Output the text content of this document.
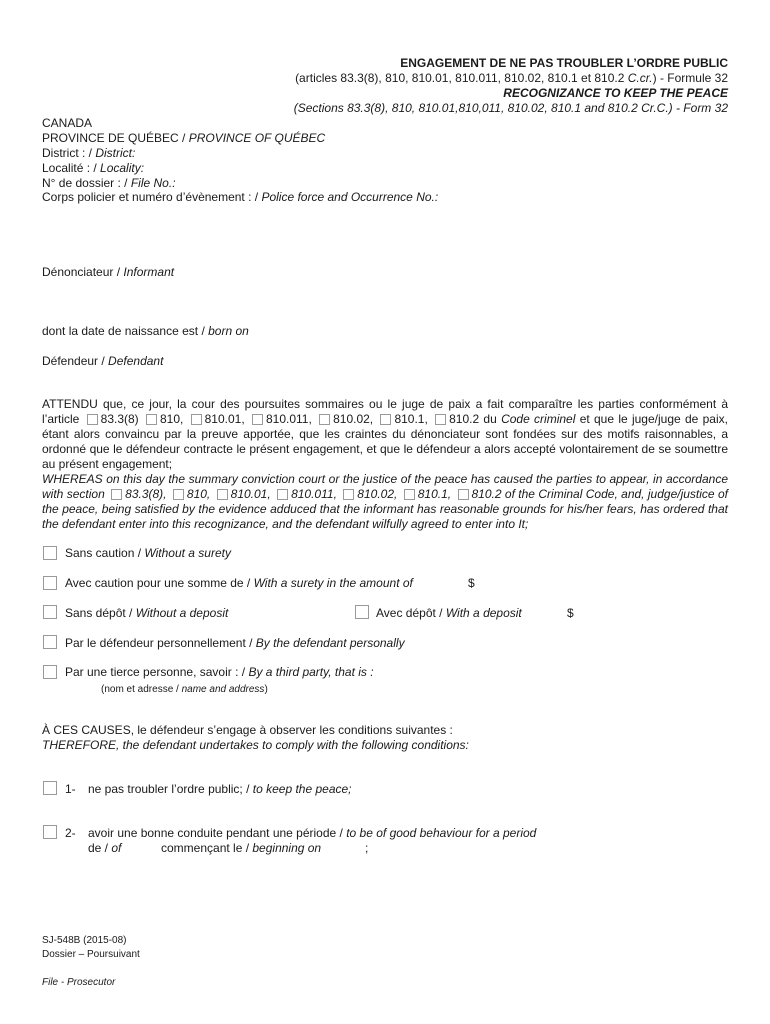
ENGAGEMENT DE NE PAS TROUBLER L’ORDRE PUBLIC
(articles 83.3(8), 810, 810.01, 810.011, 810.02, 810.1 et 810.2 C.cr.) - Formule 32
RECOGNIZANCE TO KEEP THE PEACE
(Sections 83.3(8), 810, 810.01,810,011, 810.02, 810.1 and 810.2 Cr.C.) - Form 32
CANADA
PROVINCE DE QUÉBEC / PROVINCE OF QUÉBEC
District : / District:
Localité : / Locality:
N° de dossier : / File No.:
Corps policier et numéro d’évènement : / Police force and Occurrence No.:
Dénonciateur / Informant
dont la date de naissance est / born on
Défendeur / Defendant
ATTENDU que, ce jour, la cour des poursuites sommaires ou le juge de paix a fait comparaître les parties conformément à l’article 83.3(8) 810, 810.01, 810.011, 810.02, 810.1, 810.2 du Code criminel et que le juge/juge de paix, étant alors convaincu par la preuve apportée, que les craintes du dénonciateur sont fondées sur des motifs raisonnables, a ordonné que le défendeur contracte le présent engagement, et que le défendeur a alors accepté volontairement de se soumettre au présent engagement;
WHEREAS on this day the summary conviction court or the justice of the peace has caused the parties to appear, in accordance with section 83.3(8), 810, 810.01, 810.011, 810.02, 810.1, 810.2 of the Criminal Code, and, judge/justice of the peace, being satisfied by the evidence adduced that the informant has reasonable grounds for his/her fears, has ordered that the defendant enter into this recognizance, and the defendant wilfully agreed to enter into It;
Sans caution / Without a surety
Avec caution pour une somme de / With a surety in the amount of	$
Sans dépôt / Without a deposit	Avec dépôt / With a deposit	$
Par le défendeur personnellement / By the defendant personally
Par une tierce personne, savoir : / By a third party, that is :
(nom et adresse / name and address)
À CES CAUSES, le défendeur s’engage à observer les conditions suivantes :
THEREFORE, the defendant undertakes to comply with the following conditions:
1- ne pas troubler l’ordre public; / to keep the peace;
2- avoir une bonne conduite pendant une période / to be of good behaviour for a period
de / of	commençant le / beginning on	;
SJ-548B (2015-08)
Dossier – Poursuivant
File - Prosecutor
